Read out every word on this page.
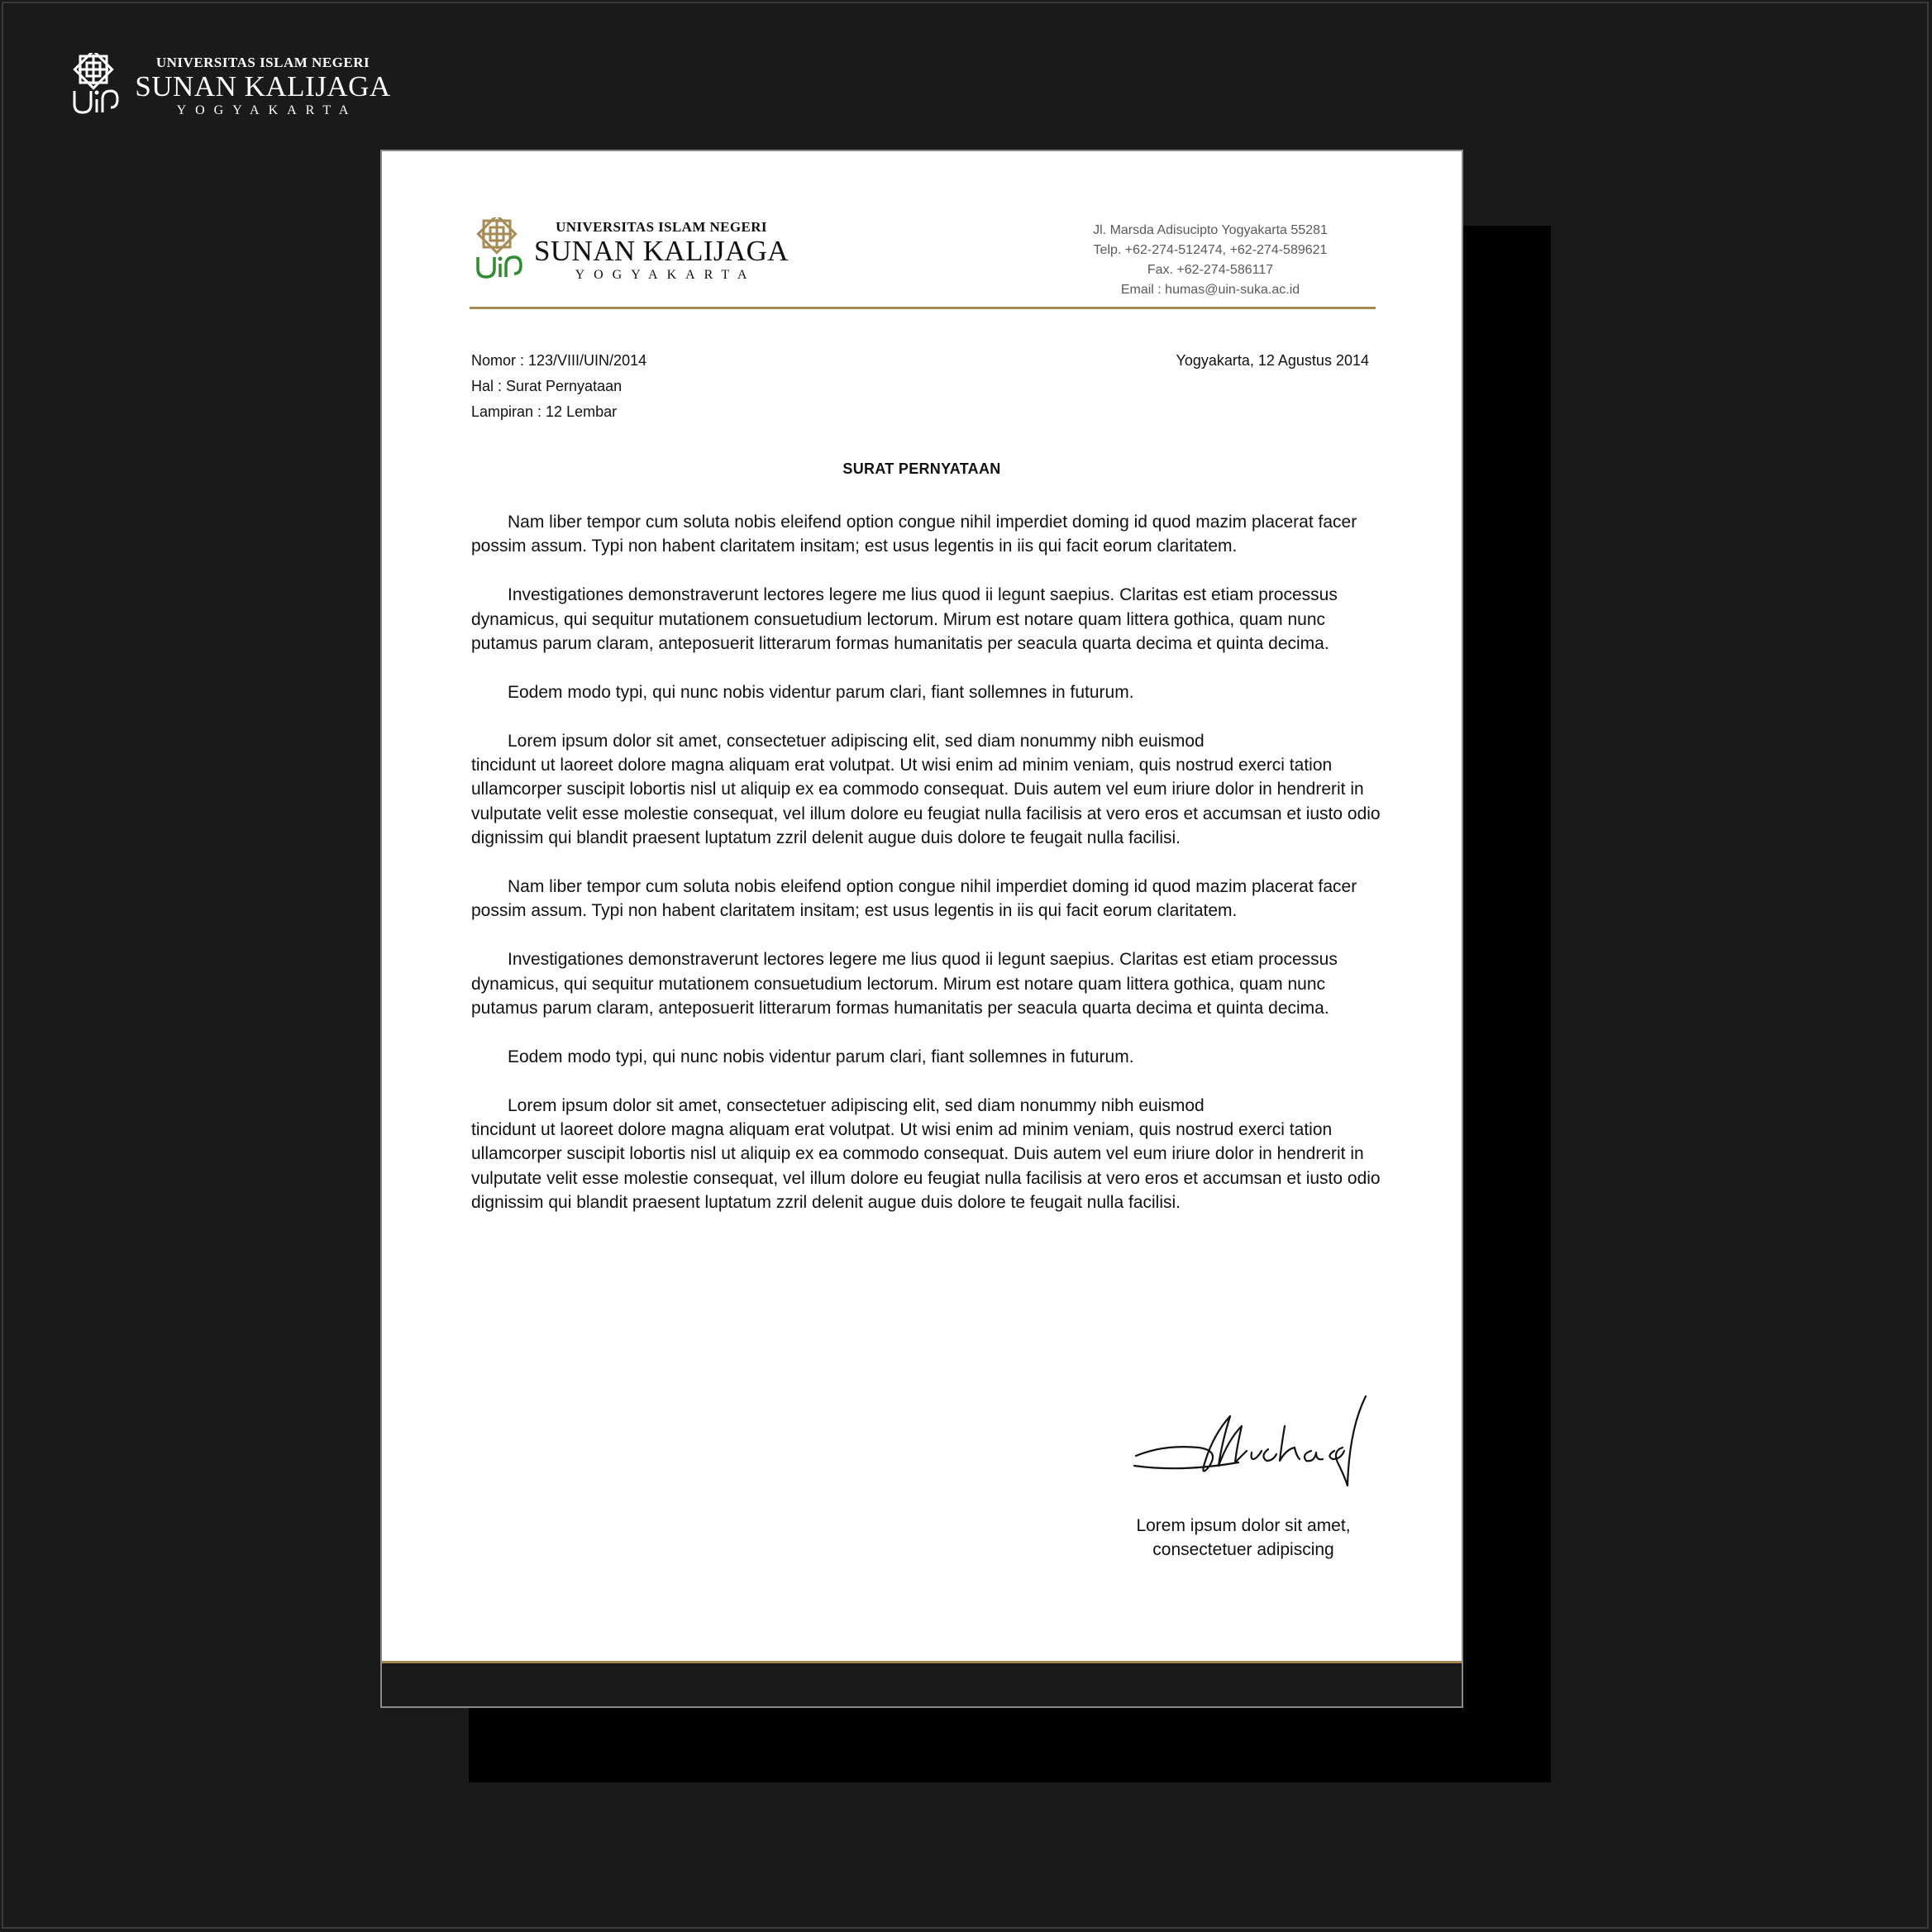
UNIVERSITAS ISLAM NEGERI
SUNAN KALIJAGA
YOGYAKARTA
UNIVERSITAS ISLAM NEGERI
SUNAN KALIJAGA
YOGYAKARTA
Jl. Marsda Adisucipto Yogyakarta 55281
Telp. +62-274-512474, +62-274-589621
Fax. +62-274-586117
Email : humas@uin-suka.ac.id
Nomor : 123/VIII/UIN/2014
Hal : Surat Pernyataan
Lampiran : 12 Lembar
Yogyakarta, 12 Agustus 2014
SURAT PERNYATAAN

Nam liber tempor cum soluta nobis eleifend option congue nihil imperdiet doming id quod mazim placerat facer possim assum. Typi non habent claritatem insitam; est usus legentis in iis qui facit eorum claritatem.

Investigationes demonstraverunt lectores legere me lius quod ii legunt saepius. Claritas est etiam processus dynamicus, qui sequitur mutationem consuetudium lectorum. Mirum est notare quam littera gothica, quam nunc putamus parum claram, anteposuerit litterarum formas humanitatis per seacula quarta decima et quinta decima.

Eodem modo typi, qui nunc nobis videntur parum clari, fiant sollemnes in futurum.

Lorem ipsum dolor sit amet, consectetuer adipiscing elit, sed diam nonummy nibh euismod
tincidunt ut laoreet dolore magna aliquam erat volutpat. Ut wisi enim ad minim veniam, quis nostrud exerci tation ullamcorper suscipit lobortis nisl ut aliquip ex ea commodo consequat. Duis autem vel eum iriure dolor in hendrerit in vulputate velit esse molestie consequat, vel illum dolore eu feugiat nulla facilisis at vero eros et accumsan et iusto odio dignissim qui blandit praesent luptatum zzril delenit augue duis dolore te feugait nulla facilisi.

Nam liber tempor cum soluta nobis eleifend option congue nihil imperdiet doming id quod mazim placerat facer possim assum. Typi non habent claritatem insitam; est usus legentis in iis qui facit eorum claritatem.

Investigationes demonstraverunt lectores legere me lius quod ii legunt saepius. Claritas est etiam processus dynamicus, qui sequitur mutationem consuetudium lectorum. Mirum est notare quam littera gothica, quam nunc putamus parum claram, anteposuerit litterarum formas humanitatis per seacula quarta decima et quinta decima.

Eodem modo typi, qui nunc nobis videntur parum clari, fiant sollemnes in futurum.

Lorem ipsum dolor sit amet, consectetuer adipiscing elit, sed diam nonummy nibh euismod
tincidunt ut laoreet dolore magna aliquam erat volutpat. Ut wisi enim ad minim veniam, quis nostrud exerci tation ullamcorper suscipit lobortis nisl ut aliquip ex ea commodo consequat. Duis autem vel eum iriure dolor in hendrerit in vulputate velit esse molestie consequat, vel illum dolore eu feugiat nulla facilisis at vero eros et accumsan et iusto odio dignissim qui blandit praesent luptatum zzril delenit augue duis dolore te feugait nulla facilisi.

Lorem ipsum dolor sit amet,
consectetuer adipiscing
